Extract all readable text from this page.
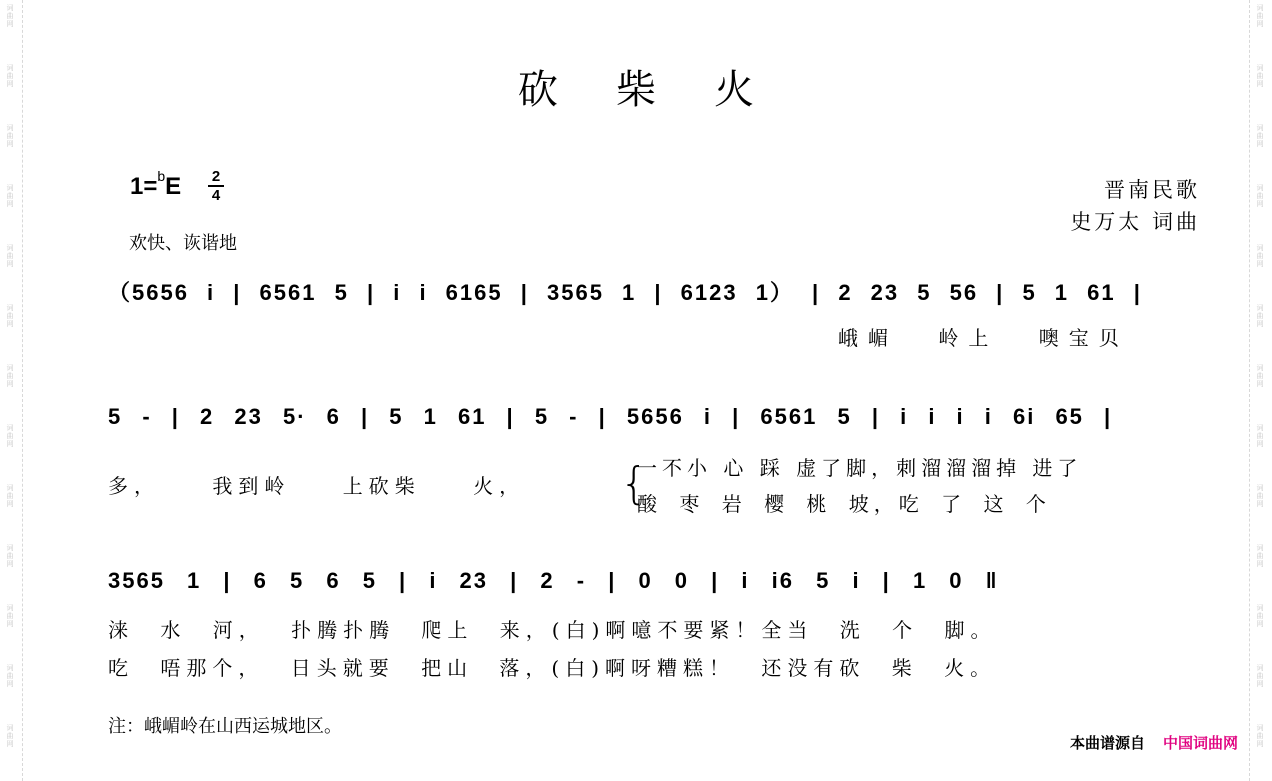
词
曲
网
词
曲
网
词
曲
网
词
曲
网
词
曲
网
词
曲
网
词
曲
网
词
曲
网
词
曲
网
词
曲
网
词
曲
网
词
曲
网
词
曲
网
词
曲
网
词
曲
网
词
曲
网
词
曲
网
词
曲
网
词
曲
网
词
曲
网
词
曲
网
词
曲
网
词
曲
网
词
曲
网
词
曲
网
词
曲
网
砍柴火
$1=^bE \frac{2}{4}$
欢快、诙谐地
晋南民歌
史万太 词曲
（5656 i | 6561 5 | i i 6165 | 3565 1 | 6123 1） | 2 23 5 56 | 5 1 61 |
峨嵋 岭上 噢宝贝
5 - | 2 23 5· 6 | 5 1 61 | 5 - | 5656 i | 6561 5 | i i i i 6i 65 |
多， 我到岭 上砍柴 火， {
一不小 心 踩 虚了脚，刺溜溜溜掉 进了
酸 枣 岩 樱 桃 坡，吃 了 这 个
3565 1 | 6 5 6 5 | i 23 | 2 - | 0 0 | i i6 5 i | 1 0 ‖
涞 水 河， 扑腾扑腾 爬上 来，(白)啊噫不要紧！全当 洗 个 脚。
吃 唔那个， 日头就要 把山 落，(白)啊呀糟糕！ 还没有砍 柴 火。
注：峨嵋岭在山西运城地区。
本曲谱源自 中国词曲网
